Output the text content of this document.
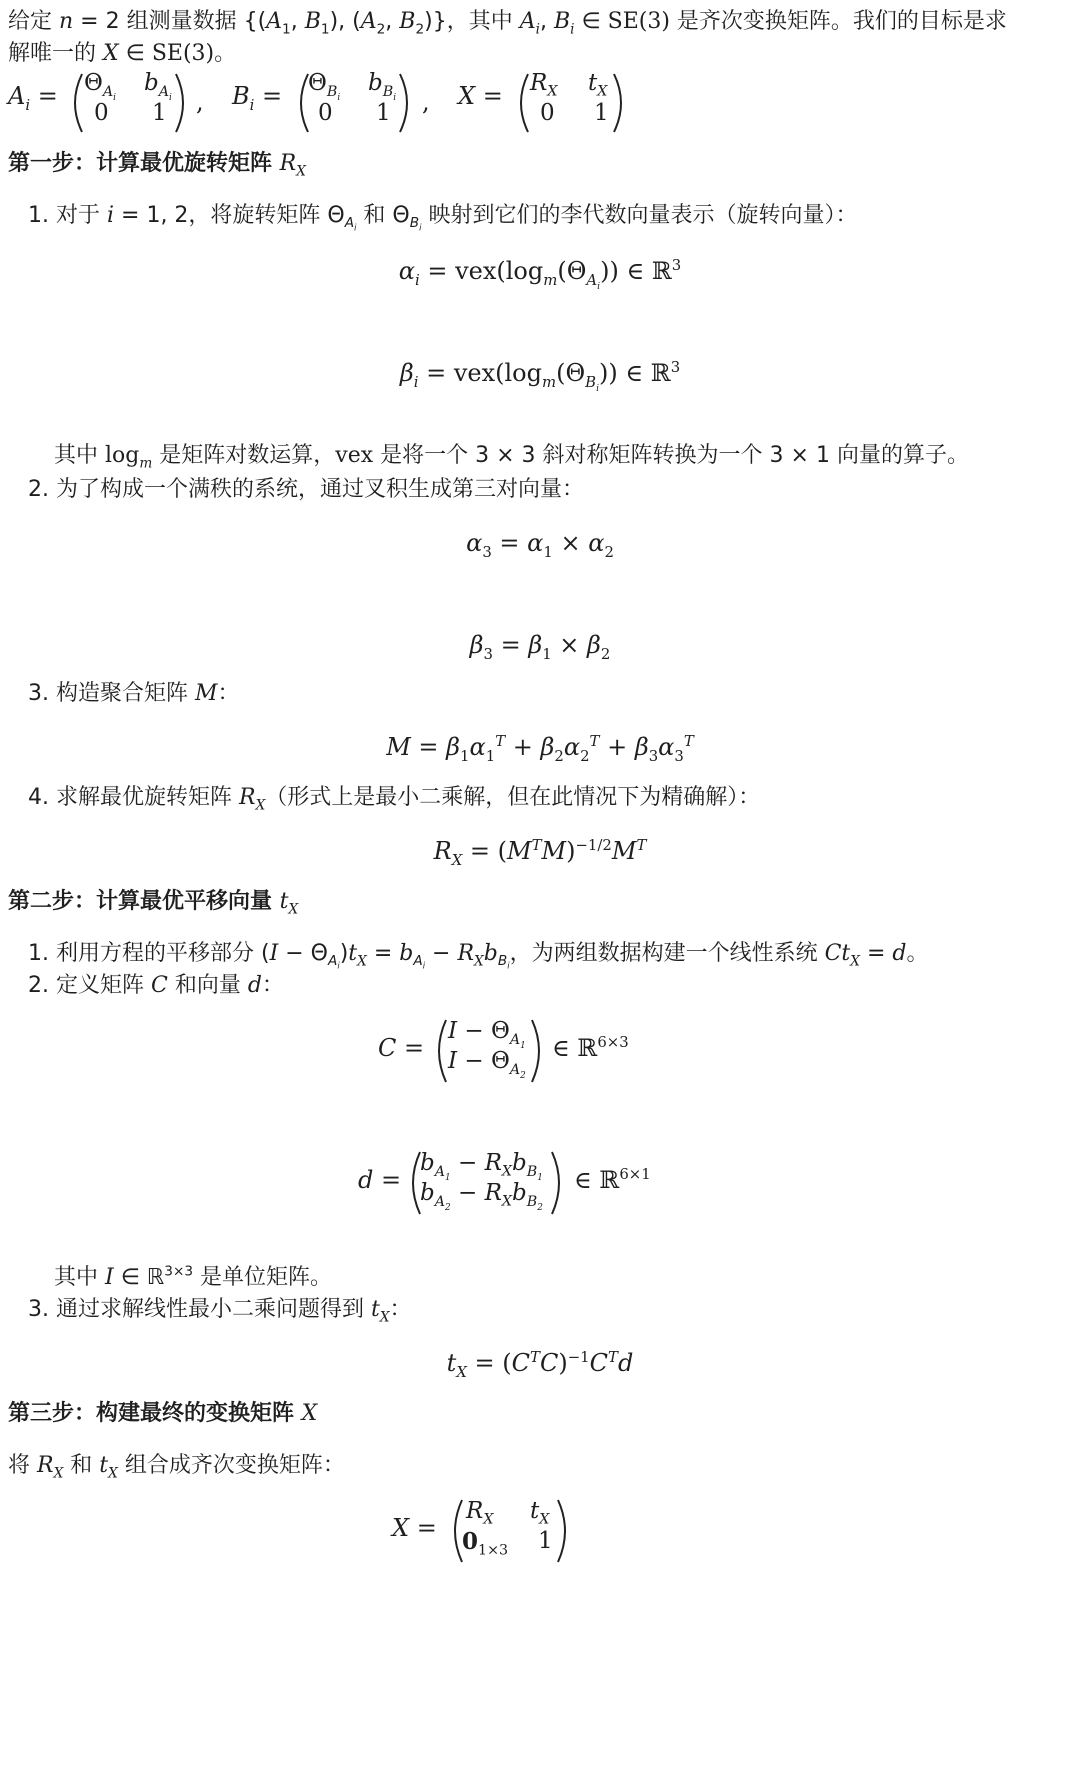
给定 n = 2 组测量数据 {($A_1$, $B_1$), ($A_2$, $B_2$)}，其中 $A_i$, $B_i$ ∈ SE(3) 是齐次变换矩阵。我们的目标是求
解唯一的 X ∈ SE(3)。
$A_i = \Theta_{A_i}$
$b_{A_i}$
0 1 , $B_i = \Theta_{B_i}$
$b_{B_i}$
0 1 , $X = R_X$ $t_X$
0 1
第一步：计算最优旋转矩阵 $R_X$
1. 对于 i = 1, 2，将旋转矩阵 $\Theta_{A_i}$ 和 $\Theta_{B_i}$ 映射到它们的李代数向量表示（旋转向量）：
$\alpha_i = vex(\log_m(\Theta_{A_i}))$ ∈ ℝ$^3$
$\beta_i = vex(\log_m(\Theta_{B_i}))$ ∈ ℝ$^3$
其中 $\log_m$ 是矩阵对数运算，vex 是将一个 3 × 3 斜对称矩阵转换为一个 3 × 1 向量的算子。
2. 为了构成一个满秩的系统，通过叉积生成第三对向量：
$\alpha_3 = \alpha_1 \times \alpha_2$
$\beta_3 = \beta_1 \times \beta_2$
3. 构造聚合矩阵 M：
$M = \beta_1\alpha_1^T + \beta_2\alpha_2^T + \beta_3\alpha_3^T$
4. 求解最优旋转矩阵 $R_X$（形式上是最小二乘解，但在此情况下为精确解）：
$R_X = (M^TM)^{-1/2}M^T$
第二步：计算最优平移向量 $t_X$
1. 利用方程的平移部分 $(I - \Theta_{A_i})t_X = b_{A_i} - R_Xb_{B_i}$，为两组数据构建一个线性系统 $Ct_X = d$。
2. 定义矩阵 C 和向量 d：
C =
$I - \Theta_{A_1}$
$I - \Theta_{A_2}$
∈ ℝ$^{6\times 3}$
d =
$b_{A_1} - R_Xb_{B_1}$
$b_{A_2} - R_Xb_{B_2}$
∈ ℝ$^{6\times 1}$
其中 I ∈ ℝ$^{3\times 3}$ 是单位矩阵。
3. 通过求解线性最小二乘问题得到 $t_X$：
$t_X = (C^TC)^{-1}C^Td$
第三步：构建最终的变换矩阵 X
将 $R_X$ 和 $t_X$ 组合成齐次变换矩阵：
X =
$R_X$ $t_X$
$0_{1\times 3}$ 1
